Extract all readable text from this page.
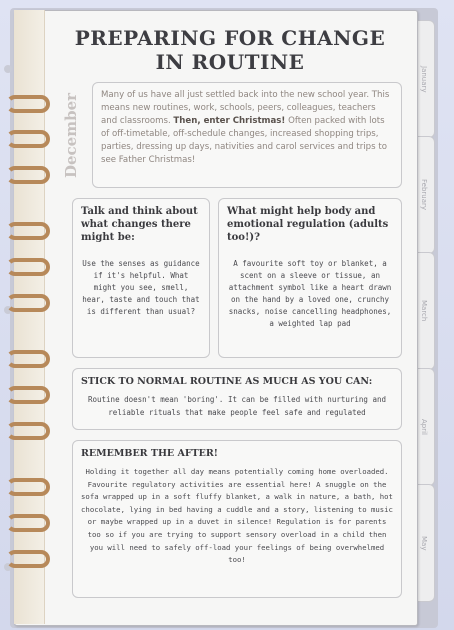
January
February
March
April
May
PREPARING FOR CHANGE IN ROUTINE
December	Many of us have all just settled back into the new school year. This means new routines, work, schools, peers, colleagues, teachers and classrooms. Then, enter Christmas! Often packed with lots of off-timetable, off-schedule changes, increased shopping trips, parties, dressing up days, nativities and carol services and trips to see Father Christmas!
Talk and think about what changes there might be:
Use the senses as guidance if it's helpful. What might you see, smell, hear, taste and touch that is different than usual?
What might help body and emotional regulation (adults too!)?
A favourite soft toy or blanket, a scent on a sleeve or tissue, an attachment symbol like a heart drawn on the hand by a loved one, crunchy snacks, noise cancelling headphones, a weighted lap pad
STICK TO NORMAL ROUTINE AS MUCH AS YOU CAN:
Routine doesn't mean 'boring'. It can be filled with nurturing and reliable rituals that make people feel safe and regulated
REMEMBER THE AFTER!
Holding it together all day means potentially coming home overloaded. Favourite regulatory activities are essential here! A snuggle on the sofa wrapped up in a soft fluffy blanket, a walk in nature, a bath, hot chocolate, lying in bed having a cuddle and a story, listening to music or maybe wrapped up in a duvet in silence! Regulation is for parents too so if you are trying to support sensory overload in a child then you will need to safely off-load your feelings of being overwhelmed too!
